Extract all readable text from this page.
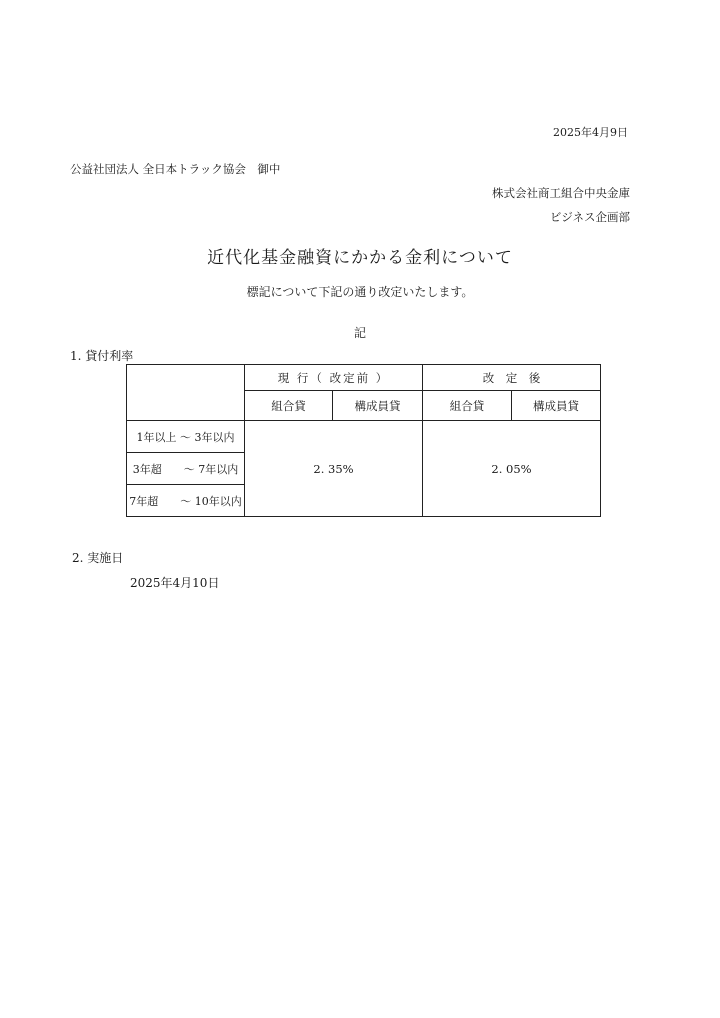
2025年4月9日
公益社団法人 全日本トラック協会　御中
株式会社商工組合中央金庫
ビジネス企画部
近代化基金融資にかかる金利について
標記について下記の通り改定いたします。
記
1. 貸付利率
	現 行（ 改定前 ）		改　定　後	
	組合貸	構成員貸	組合貸	構成員貸
1年以上 ～ 3年以内	2. 35%		2. 05%	
3年超　　～ 7年以内				
7年超　　～ 10年以内				
2. 実施日
2025年4月10日
